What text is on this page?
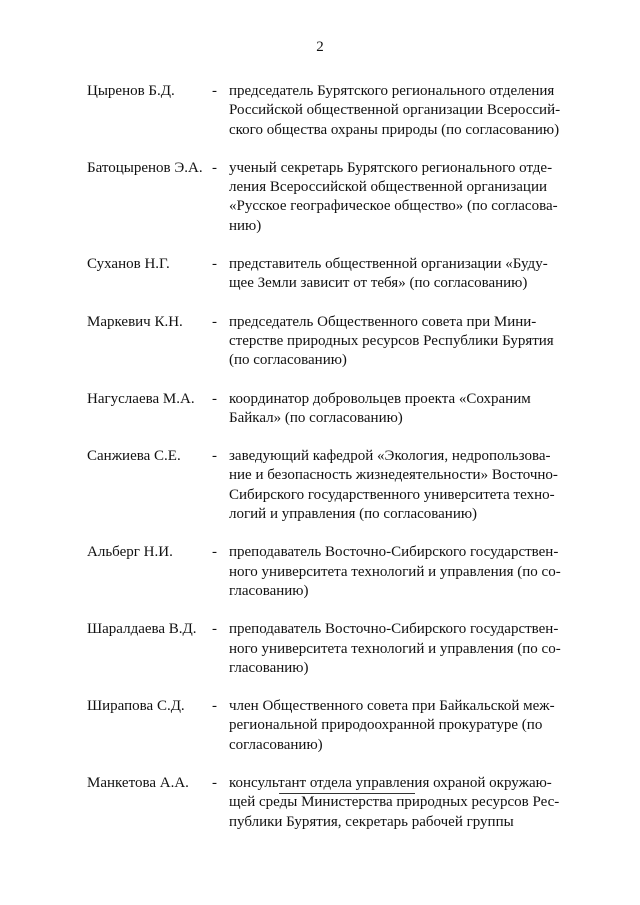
2
Цыренов Б.Д. - председатель Бурятского регионального отделения
Российской общественной организации Всероссий-
ского общества охраны природы (по согласованию)
Батоцыренов Э.А. - ученый секретарь Бурятского регионального отде-
ления Всероссийской общественной организации
«Русское географическое общество» (по согласова-
нию)
Суханов Н.Г.	- представитель общественной организации «Буду-
щее Земли зависит от тебя» (по согласованию)
Маркевич К.Н. - председатель Общественного совета при Мини-
стерстве природных ресурсов Республики Бурятия
(по согласованию)
Нагуслаева М.А. - координатор добровольцев проекта «Сохраним
Байкал» (по согласованию)
Санжиева С.Е. - заведующий кафедрой «Экология, недропользова-
ние и безопасность жизнедеятельности» Восточно-
Сибирского государственного университета техно-
логий и управления (по согласованию)
Альберг Н.И.	- преподаватель Восточно-Сибирского государствен-
ного университета технологий и управления (по со-
гласованию)
Шаралдаева В.Д. - преподаватель Восточно-Сибирского государствен-
ного университета технологий и управления (по со-
гласованию)
Ширапова С.Д. - член Общественного совета при Байкальской меж-
региональной природоохранной прокуратуре (по
согласованию)
Манкетова А.А. - консультант отдела управления охраной окружаю-
щей среды Министерства природных ресурсов Рес-
публики Бурятия, секретарь рабочей группы
